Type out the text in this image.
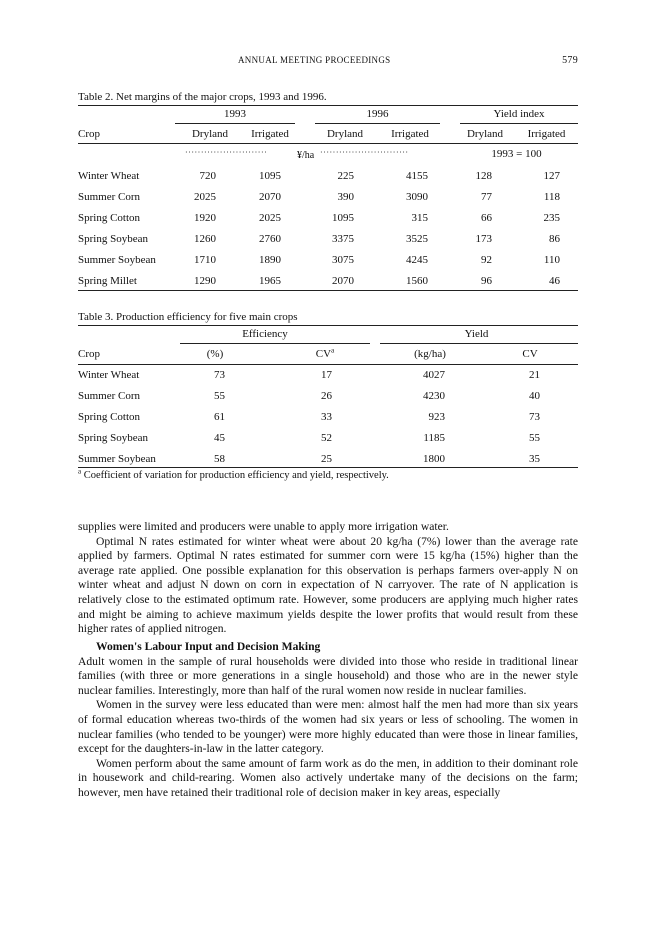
ANNUAL MEETING PROCEEDINGS	579
Table 2. Net margins of the major crops, 1993 and 1996.
1993	1996	Yield index
Crop	Dryland	Irrigated	Dryland	Irrigated	Dryland	Irrigated
··························	¥/ha ····························	1993 = 100
Winter Wheat	720	1095	225	4155	128	127
Summer Corn	2025	2070	390	3090	77	118
Spring Cotton	1920	2025	1095	315	66	235
Spring Soybean	1260	2760	3375	3525	173	86
Summer Soybean	1710	1890	3075	4245	92	110
Spring Millet	1290	1965	2070	1560	96	46
Table 3. Production efficiency for five main crops
Efficiency	Yield
Crop	(%)	$CV^a$	(kg/ha)	CV
Winter Wheat	73	17	4027	21
Summer Corn	55	26	4230	40
Spring Cotton	61	33	923	73
Spring Soybean	45	52	1185	55
Summer Soybean	58	25	1800	35
$^a$ Coefficient of variation for production efficiency and yield, respectively.

supplies were limited and producers were unable to apply more irrigation water.

Optimal N rates estimated for winter wheat were about 20 kg/ha (7%) lower than the average rate applied by farmers. Optimal N rates estimated for summer corn were 15 kg/ha (15%) higher than the average rate applied. One possible explanation for this observation is perhaps farmers over-apply N on winter wheat and adjust N down on corn in expectation of N carryover. The rate of N application is relatively close to the estimated optimum rate. However, some producers are applying much higher rates and might be aiming to achieve maximum yields despite the lower profits that would result from these higher rates of applied nitrogen.

Women's Labour Input and Decision Making

Adult women in the sample of rural households were divided into those who reside in traditional linear families (with three or more generations in a single household) and those who are in the newer style nuclear families. Interestingly, more than half of the rural women now reside in nuclear families.

Women in the survey were less educated than were men: almost half the men had more than six years of formal education whereas two-thirds of the women had six years or less of schooling. The women in nuclear families (who tended to be younger) were more highly educated than were those in linear families, except for the daughters-in-law in the latter category.

Women perform about the same amount of farm work as do the men, in addition to their dominant role in housework and child-rearing. Women also actively undertake many of the decisions on the farm; however, men have retained their traditional role of decision maker in key areas, especially
